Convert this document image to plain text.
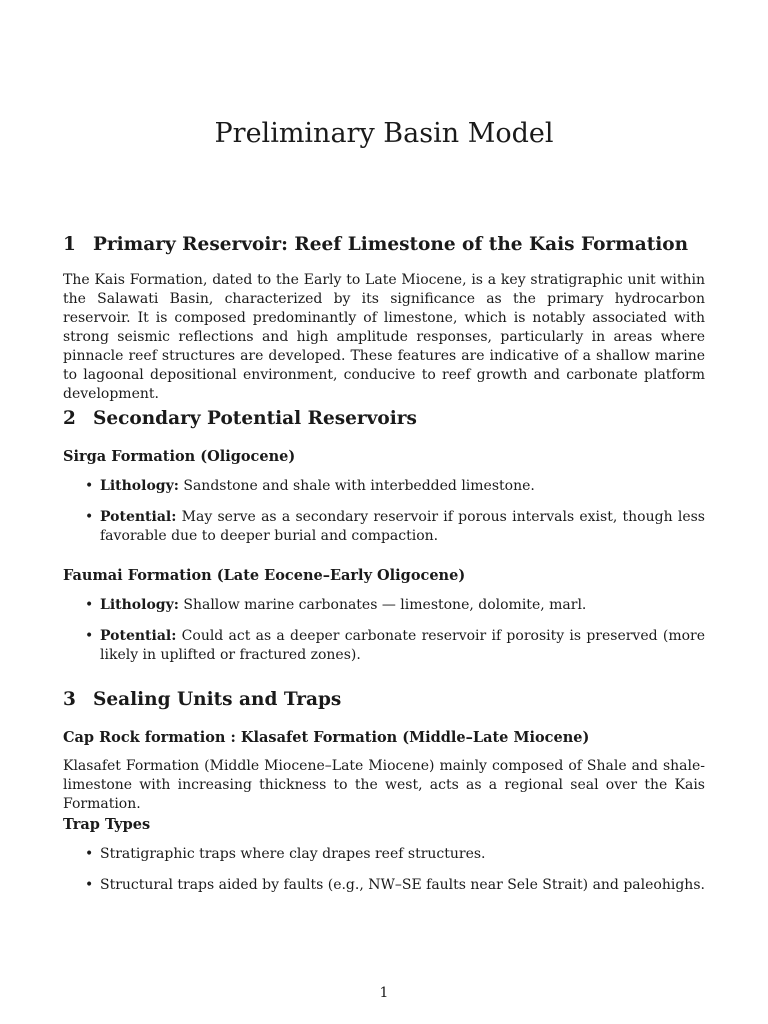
Preliminary Basin Model
1 Primary Reservoir: Reef Limestone of the Kais Formation

The Kais Formation, dated to the Early to Late Miocene, is a key stratigraphic unit within the Salawati Basin, characterized by its significance as the primary hydrocarbon reservoir. It is composed predominantly of limestone, which is notably associated with strong seismic reflections and high amplitude responses, particularly in areas where pinnacle reef structures are developed. These features are indicative of a shallow marine to lagoonal depositional environment, conducive to reef growth and carbonate platform development.

2 Secondary Potential Reservoirs
Sirga Formation (Oligocene)
• Lithology: Sandstone and shale with interbedded limestone.
• Potential: May serve as a secondary reservoir if porous intervals exist, though less favorable due to deeper burial and compaction.
Faumai Formation (Late Eocene–Early Oligocene)
• Lithology: Shallow marine carbonates — limestone, dolomite, marl.
• Potential: Could act as a deeper carbonate reservoir if porosity is preserved (more likely in uplifted or fractured zones).
3 Sealing Units and Traps
Cap Rock formation : Klasafet Formation (Middle–Late Miocene)

Klasafet Formation (Middle Miocene–Late Miocene) mainly composed of Shale and shale-limestone with increasing thickness to the west, acts as a regional seal over the Kais Formation.

Trap Types
• Stratigraphic traps where clay drapes reef structures.
• Structural traps aided by faults (e.g., NW–SE faults near Sele Strait) and paleohighs.
1
